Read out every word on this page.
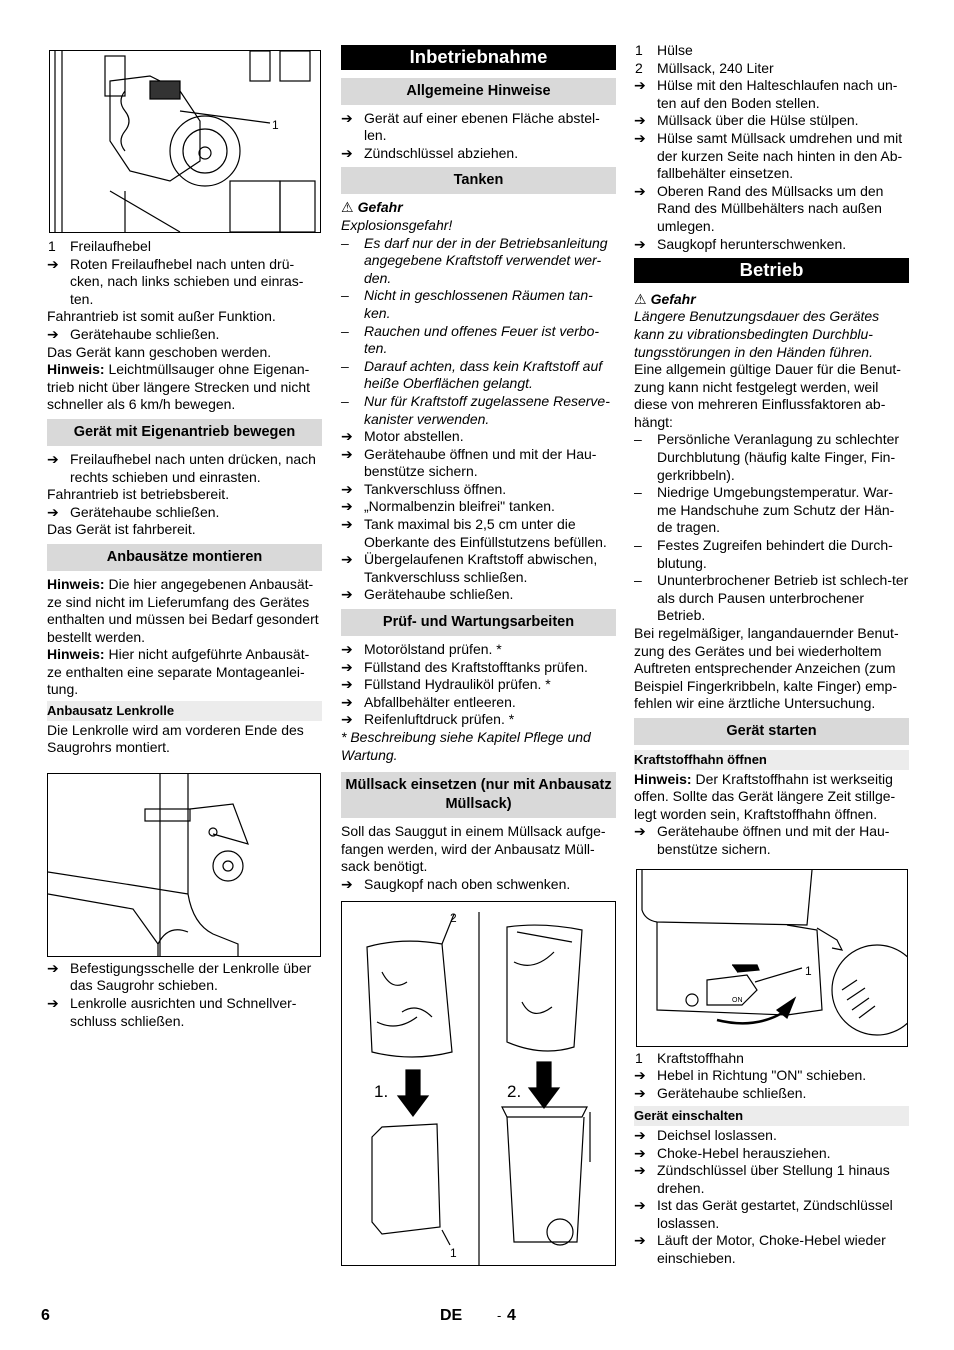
1

1 Freilaufhebel

➔ Roten Freilaufhebel nach unten drü-cken, nach links schieben und einras-ten.

Fahrantrieb ist somit außer Funktion.

➔ Gerätehaube schließen.

Das Gerät kann geschoben werden.

Hinweis: Leichtmüllsauger ohne Eigenan-trieb nicht über längere Strecken und nicht schneller als 6 km/h bewegen.

Gerät mit Eigenantrieb bewegen

➔ Freilaufhebel nach unten drücken, nach rechts schieben und einrasten.

Fahrantrieb ist betriebsbereit.

➔ Gerätehaube schließen.

Das Gerät ist fahrbereit.

Anbausätze montieren

Hinweis: Die hier angegebenen Anbausät-ze sind nicht im Lieferumfang des Gerätes enthalten und müssen bei Bedarf gesondert bestellt werden.

Hinweis: Hier nicht aufgeführte Anbausät-ze enthalten eine separate Montageanlei-tung.

Anbausatz Lenkrolle

Die Lenkrolle wird am vorderen Ende des Saugrohrs montiert.

➔ Befestigungsschelle der Lenkrolle über das Saugrohr schieben.

➔ Lenkrolle ausrichten und Schnellver-schluss schließen.

Inbetriebnahme
Allgemeine Hinweise

➔ Gerät auf einer ebenen Fläche abstel-len.

➔ Zündschlüssel abziehen.

Tanken

⚠ Gefahr

Explosionsgefahr!

– Es darf nur der in der Betriebsanleitung angegebene Kraftstoff verwendet wer-den.

– Nicht in geschlossenen Räumen tan-ken.

– Rauchen und offenes Feuer ist verbo-ten.

– Darauf achten, dass kein Kraftstoff auf heiße Oberflächen gelangt.

– Nur für Kraftstoff zugelassene Reserve-kanister verwenden.

➔ Motor abstellen.

➔ Gerätehaube öffnen und mit der Hau-benstütze sichern.

➔ Tankverschluss öffnen.

➔ „Normalbenzin bleifrei" tanken.

➔ Tank maximal bis 2,5 cm unter die Oberkante des Einfüllstutzens befüllen.

➔ Übergelaufenen Kraftstoff abwischen, Tankverschluss schließen.

➔ Gerätehaube schließen.

Prüf- und Wartungsarbeiten

➔ Motorölstand prüfen. *

➔ Füllstand des Kraftstofftanks prüfen.

➔ Füllstand Hydrauliköl prüfen. *

➔ Abfallbehälter entleeren.

➔ Reifenluftdruck prüfen. *

* Beschreibung siehe Kapitel Pflege und Wartung.

Müllsack einsetzen (nur mit Anbausatz Müllsack)

Soll das Sauggut in einem Müllsack aufge-fangen werden, wird der Anbausatz Müll-sack benötigt.

➔ Saugkopf nach oben schwenken.

2
1
1.	2.

1 Hülse

2 Müllsack, 240 Liter

➔ Hülse mit den Halteschlaufen nach un-ten auf den Boden stellen.

➔ Müllsack über die Hülse stülpen.

➔ Hülse samt Müllsack umdrehen und mit der kurzen Seite nach hinten in den Ab-fallbehälter einsetzen.

➔ Oberen Rand des Müllsacks um den Rand des Müllbehälters nach außen umlegen.

➔ Saugkopf herunterschwenken.

Betrieb

⚠ Gefahr

Längere Benutzungsdauer des Gerätes kann zu vibrationsbedingten Durchblu-tungsstörungen in den Händen führen.

Eine allgemein gültige Dauer für die Benut-zung kann nicht festgelegt werden, weil diese von mehreren Einflussfaktoren ab-hängt:

– Persönliche Veranlagung zu schlechter Durchblutung (häufig kalte Finger, Fin-gerkribbeln).

– Niedrige Umgebungstemperatur. War-me Handschuhe zum Schutz der Hän-de tragen.

– Festes Zugreifen behindert die Durch-blutung.

– Ununterbrochener Betrieb ist schlech-ter als durch Pausen unterbrochener Betrieb.

Bei regelmäßiger, langandauernder Benut-zung des Gerätes und bei wiederholtem Auftreten entsprechender Anzeichen (zum Beispiel Fingerkribbeln, kalte Finger) emp-fehlen wir eine ärztliche Untersuchung.

Gerät starten
Kraftstoffhahn öffnen

Hinweis: Der Kraftstoffhahn ist werkseitig offen. Sollte das Gerät längere Zeit stillge-legt worden sein, Kraftstoffhahn öffnen.

➔ Gerätehaube öffnen und mit der Hau-benstütze sichern.

1
ON

1 Kraftstoffhahn

➔ Hebel in Richtung "ON" schieben.

➔ Gerätehaube schließen.

Gerät einschalten

➔ Deichsel loslassen.

➔ Choke-Hebel herausziehen.

➔ Zündschlüssel über Stellung 1 hinaus drehen.

➔ Ist das Gerät gestartet, Zündschlüssel loslassen.

➔ Läuft der Motor, Choke-Hebel wieder einschieben.

6	DE	- 4
